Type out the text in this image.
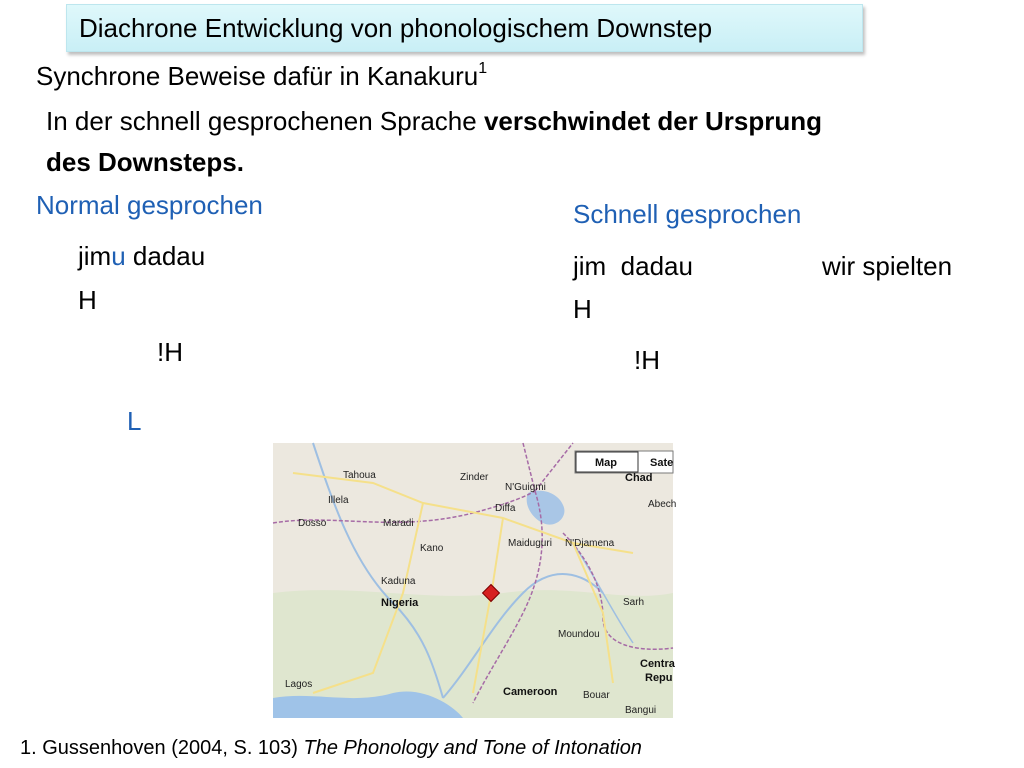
Diachrone Entwicklung von phonologischem Downstep
Synchrone Beweise dafür in Kanakuru$^1$
In der schnell gesprochenen Sprache verschwindet der Ursprung
des Downsteps.
Normal gesprochen
jimu dadau
H
!H
L
Schnell gesprochen
jim  dadau	wir spielten
H
!H
Map	Sate
Tahoua	Zinder
N'Guigmi
Chad
Illela
Diffa	Abech
Dosso	Maradi
Kano	Maiduguri N'Djamena
Kaduna
Nigeria	Sarh
Moundou
Lagos
Cameroon	Bouar
Centra
Repu
Bangui
1. Gussenhoven (2004, S. 103) The Phonology and Tone of Intonation
